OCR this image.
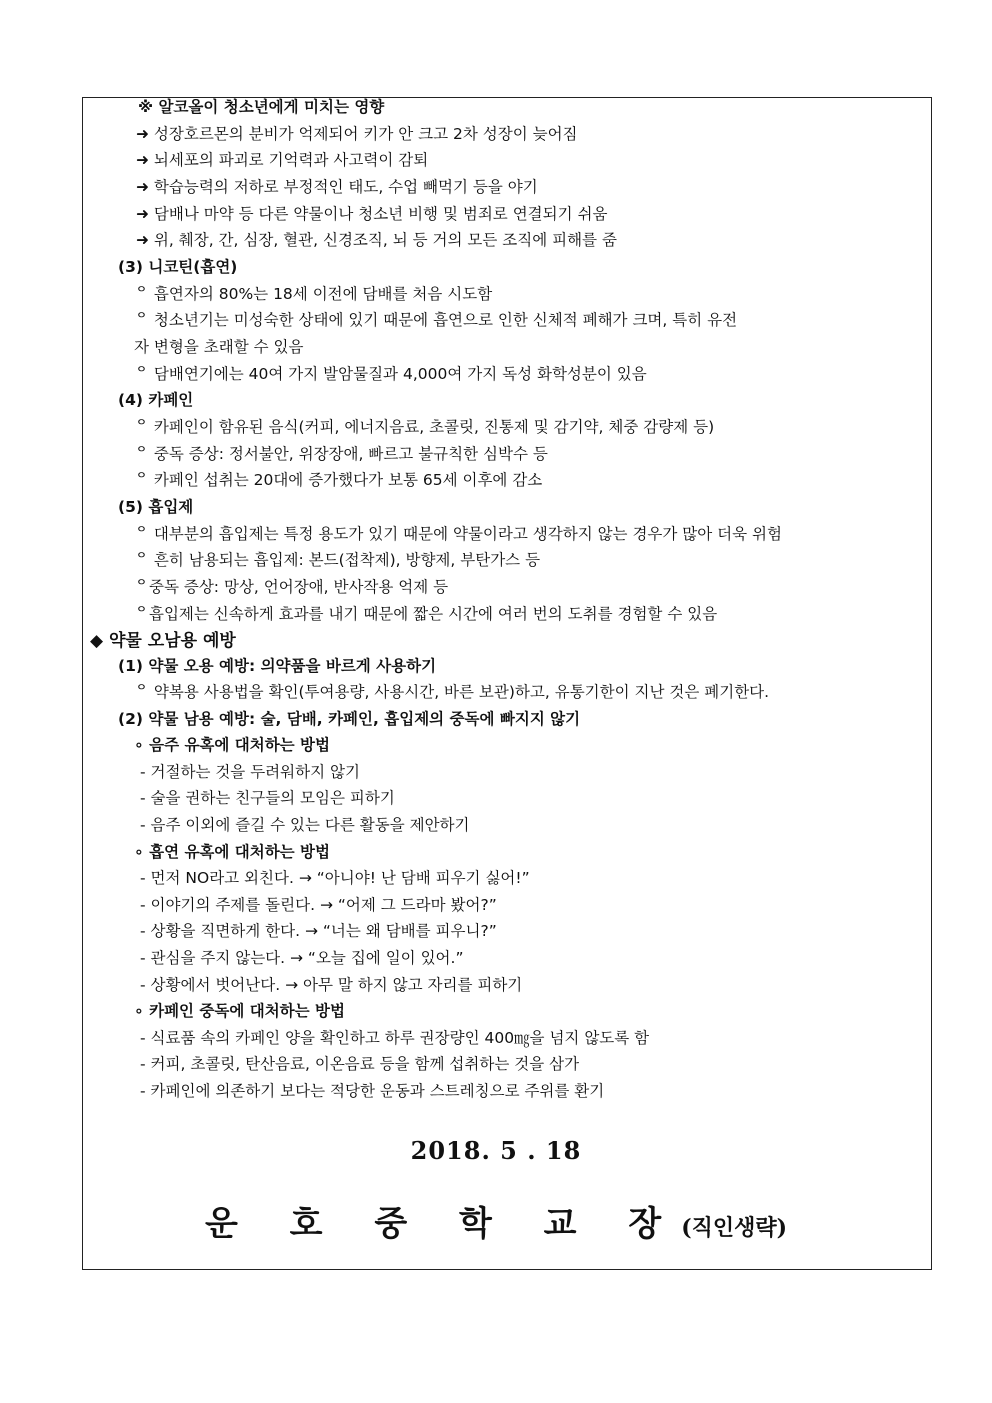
※ 알코올이 청소년에게 미치는 영향
➜ 성장호르몬의 분비가 억제되어 키가 안 크고 2차 성장이 늦어짐
➜ 뇌세포의 파괴로 기억력과 사고력이 감퇴
➜ 학습능력의 저하로 부정적인 태도, 수업 빼먹기 등을 야기
➜ 담배나 마약 등 다른 약물이나 청소년 비행 및 범죄로 연결되기 쉬움
➜ 위, 췌장, 간, 심장, 혈관, 신경조직, 뇌 등 거의 모든 조직에 피해를 줌
(3) 니코틴(흡연)
ᄋ 흡연자의 80%는 18세 이전에 담배를 처음 시도함
ᄋ 청소년기는 미성숙한 상태에 있기 때문에 흡연으로 인한 신체적 폐해가 크며, 특히 유전
자 변형을 초래할 수 있음
ᄋ 담배연기에는 40여 가지 발암물질과 4,000여 가지 독성 화학성분이 있음
(4) 카페인
ᄋ 카페인이 함유된 음식(커피, 에너지음료, 초콜릿, 진통제 및 감기약, 체중 감량제 등)
ᄋ 중독 증상: 정서불안, 위장장애, 빠르고 불규칙한 심박수 등
ᄋ 카페인 섭취는 20대에 증가했다가 보통 65세 이후에 감소
(5) 흡입제
ᄋ 대부분의 흡입제는 특정 용도가 있기 때문에 약물이라고 생각하지 않는 경우가 많아 더욱 위험
ᄋ 흔히 남용되는 흡입제: 본드(접착제), 방향제, 부탄가스 등
ᄋ중독 증상: 망상, 언어장애, 반사작용 억제 등
ᄋ흡입제는 신속하게 효과를 내기 때문에 짧은 시간에 여러 번의 도취를 경험할 수 있음
◆ 약물 오남용 예방
(1) 약물 오용 예방: 의약품을 바르게 사용하기
ᄋ 약복용 사용법을 확인(투여용량, 사용시간, 바른 보관)하고, 유통기한이 지난 것은 폐기한다.
(2) 약물 남용 예방: 술, 담배, 카페인, 흡입제의 중독에 빠지지 않기
∘ 음주 유혹에 대처하는 방법
- 거절하는 것을 두려워하지 않기
- 술을 권하는 친구들의 모임은 피하기
- 음주 이외에 즐길 수 있는 다른 활동을 제안하기
∘ 흡연 유혹에 대처하는 방법
- 먼저 NO라고 외친다. → “아니야! 난 담배 피우기 싫어!”
- 이야기의 주제를 돌린다. → “어제 그 드라마 봤어?”
- 상황을 직면하게 한다. → “너는 왜 담배를 피우니?”
- 관심을 주지 않는다. → “오늘 집에 일이 있어.”
- 상황에서 벗어난다. → 아무 말 하지 않고 자리를 피하기
∘ 카페인 중독에 대처하는 방법
- 식료품 속의 카페인 양을 확인하고 하루 권장량인 400㎎을 넘지 않도록 함
- 커피, 초콜릿, 탄산음료, 이온음료 등을 함께 섭취하는 것을 삼가
- 카페인에 의존하기 보다는 적당한 운동과 스트레칭으로 주위를 환기
2018. 5 . 18
운 호 중 학 교 장(직인생략)
